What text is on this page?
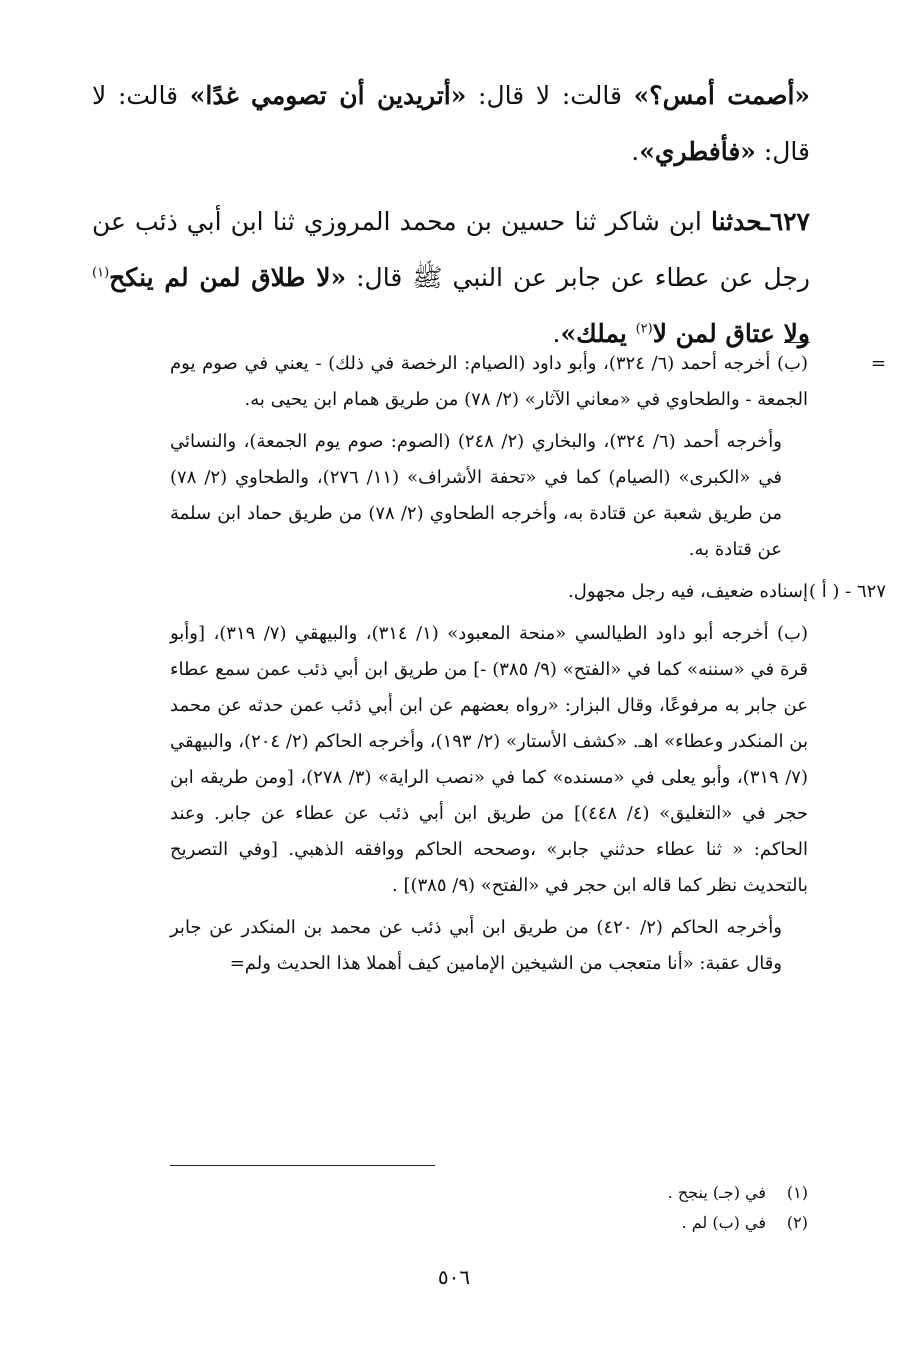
«أصمت أمس؟» قالت: لا قال: «أتريدين أن تصومي غدًا» قالت: لا قال: «فأفطري».

٦٢٧ـحدثنا ابن شاكر ثنا حسين بن محمد المروزي ثنا ابن أبي ذئب عن رجل عن عطاء عن جابر عن النبي ﷺ قال: «لا طلاق لمن لم ينكح$^{(١)}$ ولا عتاق لمن لا$^{(٢)}$ يملك».

=
(ب) أخرجه أحمد (٦/ ٣٢٤)، وأبو داود (الصيام: الرخصة في ذلك) - يعني في صوم يوم الجمعة - والطحاوي في «معاني الآثار» (٢/ ٧٨) من طريق همام ابن يحيى به.

وأخرجه أحمد (٦/ ٣٢٤)، والبخاري (٢/ ٢٤٨) (الصوم: صوم يوم الجمعة)، والنسائي في «الكبرى» (الصيام) كما في «تحفة الأشراف» (١١/ ٢٧٦)، والطحاوي (٢/ ٧٨) من طريق شعبة عن قتادة به، وأخرجه الطحاوي (٢/ ٧٨) من طريق حماد ابن سلمة عن قتادة به.

٦٢٧ - ( أ )
إسناده ضعيف، فيه رجل مجهول.

(ب) أخرجه أبو داود الطيالسي «منحة المعبود» (١/ ٣١٤)، والبيهقي (٧/ ٣١٩)، [وأبو قرة في «سننه» كما في «الفتح» (٩/ ٣٨٥) -] من طريق ابن أبي ذئب عمن سمع عطاء عن جابر به مرفوعًا، وقال البزار: «رواه بعضهم عن ابن أبي ذئب عمن حدثه عن محمد بن المنكدر وعطاء» اهـ. «كشف الأستار» (٢/ ١٩٣)، وأخرجه الحاكم (٢/ ٢٠٤)، والبيهقي (٧/ ٣١٩)، وأبو يعلى في «مسنده» كما في «نصب الراية» (٣/ ٢٧٨)، [ومن طريقه ابن حجر في «التغليق» (٤/ ٤٤٨)] من طريق ابن أبي ذئب عن عطاء عن جابر. وعند الحاكم: « ثنا عطاء حدثني جابر» ،وصححه الحاكم ووافقه الذهبي. [وفي التصريح بالتحديث نظر كما قاله ابن حجر في «الفتح» (٩/ ٣٨٥)] .

وأخرجه الحاكم (٢/ ٤٢٠) من طريق ابن أبي ذئب عن محمد بن المنكدر عن جابر وقال عقبة: «أنا متعجب من الشيخين الإمامين كيف أهملا هذا الحديث ولم=

(١)في (جـ) ينجح .
(٢)في (ب) لم .
٥٠٦
